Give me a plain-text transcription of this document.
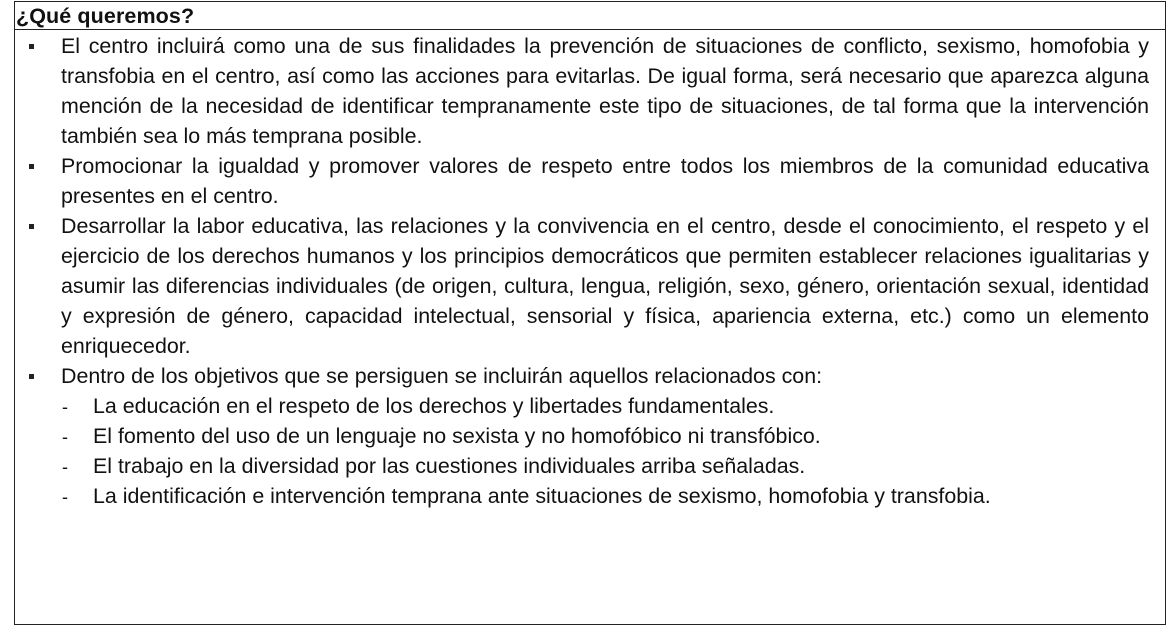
¿Qué queremos?
El centro incluirá como una de sus finalidades la prevención de situaciones de conflicto, sexismo, homofobia y transfobia en el centro, así como las acciones para evitarlas. De igual forma, será necesario que aparezca alguna mención de la necesidad de identificar tempranamente este tipo de situaciones, de tal forma que la intervención también sea lo más temprana posible.
Promocionar la igualdad y promover valores de respeto entre todos los miembros de la comunidad educativa presentes en el centro.
Desarrollar la labor educativa, las relaciones y la convivencia en el centro, desde el conocimiento, el respeto y el ejercicio de los derechos humanos y los principios democráticos que permiten establecer relaciones igualitarias y asumir las diferencias individuales (de origen, cultura, lengua, religión, sexo, género, orientación sexual, identidad y expresión de género, capacidad intelectual, sensorial y física, apariencia externa, etc.) como un elemento enriquecedor.
Dentro de los objetivos que se persiguen se incluirán aquellos relacionados con:
- La educación en el respeto de los derechos y libertades fundamentales.
- El fomento del uso de un lenguaje no sexista y no homofóbico ni transfóbico.
- El trabajo en la diversidad por las cuestiones individuales arriba señaladas.
- La identificación e intervención temprana ante situaciones de sexismo, homofobia y transfobia.
